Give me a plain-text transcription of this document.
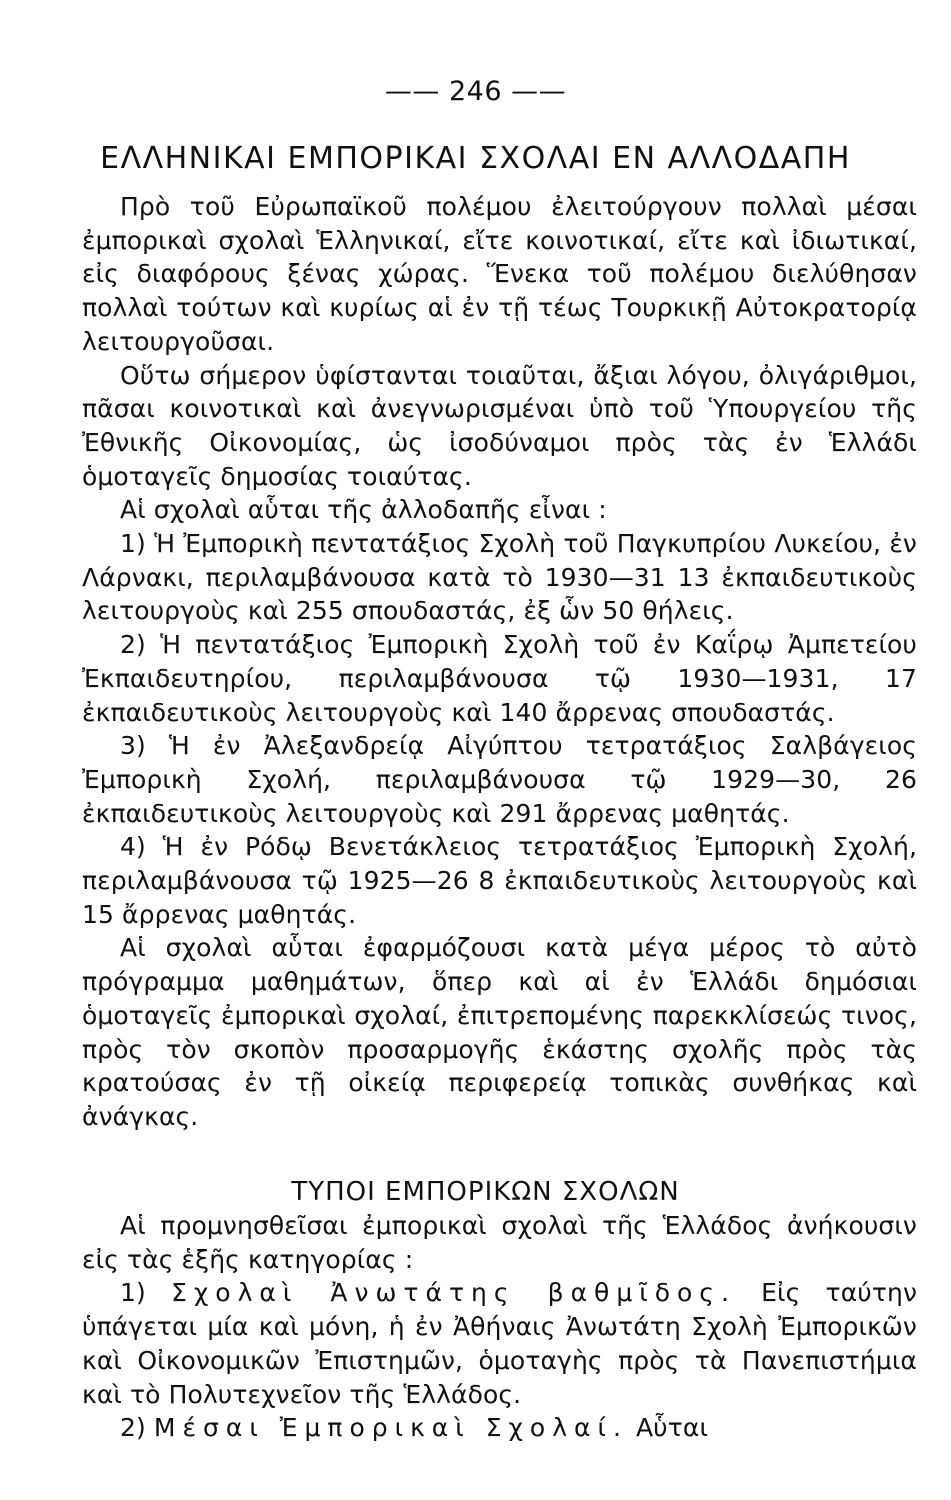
—— 246 ——
ΕΛΛΗΝΙΚΑΙ ΕΜΠΟΡΙΚΑΙ ΣΧΟΛΑΙ ΕΝ ΑΛΛΟΔΑΠΗ

Πρὸ τοῦ Εὐρωπαϊκοῦ πολέμου ἐλειτούργουν πολλαὶ μέσαι ἐμπορικαὶ σχολαὶ Ἑλληνικαί, εἴτε κοινοτικαί, εἴτε καὶ ἰδιωτικαί, εἰς διαφόρους ξένας χώρας. Ἕνεκα τοῦ πολέμου διελύθησαν πολλαὶ τούτων καὶ κυρίως αἱ ἐν τῇ τέως Τουρκικῇ Αὐτοκρατορίᾳ λειτουργοῦσαι.

Οὕτω σήμερον ὑφίστανται τοιαῦται, ἄξιαι λόγου, ὀλιγάριθμοι, πᾶσαι κοινοτικαὶ καὶ ἀνεγνωρισμέναι ὑπὸ τοῦ Ὑπουργείου τῆς Ἐθνικῆς Οἰκονομίας, ὡς ἰσοδύναμοι πρὸς τὰς ἐν Ἑλλάδι ὁμοταγεῖς δημοσίας τοιαύτας.

Αἱ σχολαὶ αὗται τῆς ἀλλοδαπῆς εἶναι :

1) Ἡ Ἐμπορικὴ πεντατάξιος Σχολὴ τοῦ Παγκυπρίου Λυκείου, ἐν Λάρνακι, περιλαμβάνουσα κατὰ τὸ 1930—31 13 ἐκπαιδευτικοὺς λειτουργοὺς καὶ 255 σπουδαστάς, ἐξ ὧν 50 θήλεις.

2) Ἡ πεντατάξιος Ἐμπορικὴ Σχολὴ τοῦ ἐν Καΐρῳ Ἀμπετείου Ἐκπαιδευτηρίου, περιλαμβάνουσα τῷ 1930—1931, 17 ἐκπαιδευτικοὺς λειτουργοὺς καὶ 140 ἄρρενας σπουδαστάς.

3) Ἡ ἐν Ἀλεξανδρείᾳ Αἰγύπτου τετρατάξιος Σαλβάγειος Ἐμπορικὴ Σχολή, περιλαμβάνουσα τῷ 1929—30, 26 ἐκπαιδευτικοὺς λειτουργοὺς καὶ 291 ἄρρενας μαθητάς.

4) Ἡ ἐν Ρόδῳ Βενετάκλειος τετρατάξιος Ἐμπορικὴ Σχολή, περιλαμβάνουσα τῷ 1925—26 8 ἐκπαιδευτικοὺς λειτουργοὺς καὶ 15 ἄρρενας μαθητάς.

Αἱ σχολαὶ αὗται ἐφαρμόζουσι κατὰ μέγα μέρος τὸ αὐτὸ πρόγραμμα μαθημάτων, ὅπερ καὶ αἱ ἐν Ἑλλάδι δημόσιαι ὁμοταγεῖς ἐμπορικαὶ σχολαί, ἐπιτρεπομένης παρεκκλίσεώς τινος, πρὸς τὸν σκοπὸν προσαρμογῆς ἑκάστης σχολῆς πρὸς τὰς κρατούσας ἐν τῇ οἰκείᾳ περιφερείᾳ τοπικὰς συνθήκας καὶ ἀνάγκας.

ΤΥΠΟΙ ΕΜΠΟΡΙΚΩΝ ΣΧΟΛΩΝ

Αἱ προμνησθεῖσαι ἐμπορικαὶ σχολαὶ τῆς Ἑλλάδος ἀνήκουσιν εἰς τὰς ἑξῆς κατηγορίας :

1) Σχολαὶ Ἀνωτάτης βαθμῖδος. Εἰς ταύτην ὑπάγεται μία καὶ μόνη, ἡ ἐν Ἀθήναις Ἀνωτάτη Σχολὴ Ἐμπορικῶν καὶ Οἰκονομικῶν Ἐπιστημῶν, ὁμοταγὴς πρὸς τὰ Πανεπιστήμια καὶ τὸ Πολυτεχνεῖον τῆς Ἑλλάδος.

2) Μέσαι Ἐμπορικαὶ Σχολαί. Αὗται
